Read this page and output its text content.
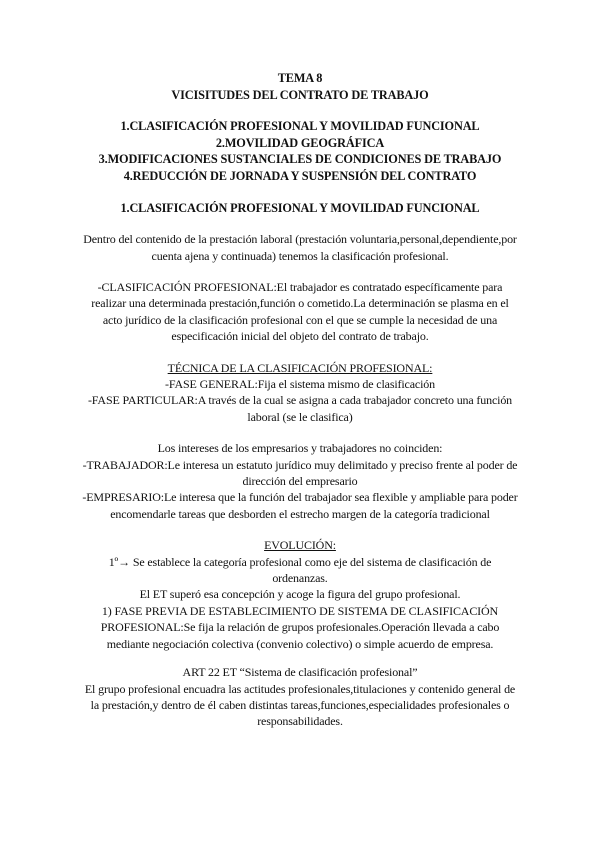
TEMA 8
VICISITUDES DEL CONTRATO DE TRABAJO
1.CLASIFICACIÓN PROFESIONAL Y MOVILIDAD FUNCIONAL
2.MOVILIDAD GEOGRÁFICA
3.MODIFICACIONES SUSTANCIALES DE CONDICIONES DE TRABAJO
4.REDUCCIÓN DE JORNADA Y SUSPENSIÓN DEL CONTRATO
1.CLASIFICACIÓN PROFESIONAL Y MOVILIDAD FUNCIONAL
Dentro del contenido de la prestación laboral (prestación voluntaria,personal,dependiente,por
cuenta ajena y continuada) tenemos la clasificación profesional.
-CLASIFICACIÓN PROFESIONAL:El trabajador es contratado específicamente para
realizar una determinada prestación,función o cometido.La determinación se plasma en el
acto jurídico de la clasificación profesional con el que se cumple la necesidad de una
especificación inicial del objeto del contrato de trabajo.
TÉCNICA DE LA CLASIFICACIÓN PROFESIONAL:
-FASE GENERAL:Fija el sistema mismo de clasificación
-FASE PARTICULAR:A través de la cual se asigna a cada trabajador concreto una función
laboral (se le clasifica)
Los intereses de los empresarios y trabajadores no coinciden:
-TRABAJADOR:Le interesa un estatuto jurídico muy delimitado y preciso frente al poder de
dirección del empresario
-EMPRESARIO:Le interesa que la función del trabajador sea flexible y ampliable para poder
encomendarle tareas que desborden el estrecho margen de la categoría tradicional
EVOLUCIÓN:
1º→ Se establece la categoría profesional como eje del sistema de clasificación de
ordenanzas.
El ET superó esa concepción y acoge la figura del grupo profesional.
1) FASE PREVIA DE ESTABLECIMIENTO DE SISTEMA DE CLASIFICACIÓN
PROFESIONAL:Se fija la relación de grupos profesionales.Operación llevada a cabo
mediante negociación colectiva (convenio colectivo) o simple acuerdo de empresa.
ART 22 ET “Sistema de clasificación profesional”
El grupo profesional encuadra las actitudes profesionales,titulaciones y contenido general de
la prestación,y dentro de él caben distintas tareas,funciones,especialidades profesionales o
responsabilidades.
